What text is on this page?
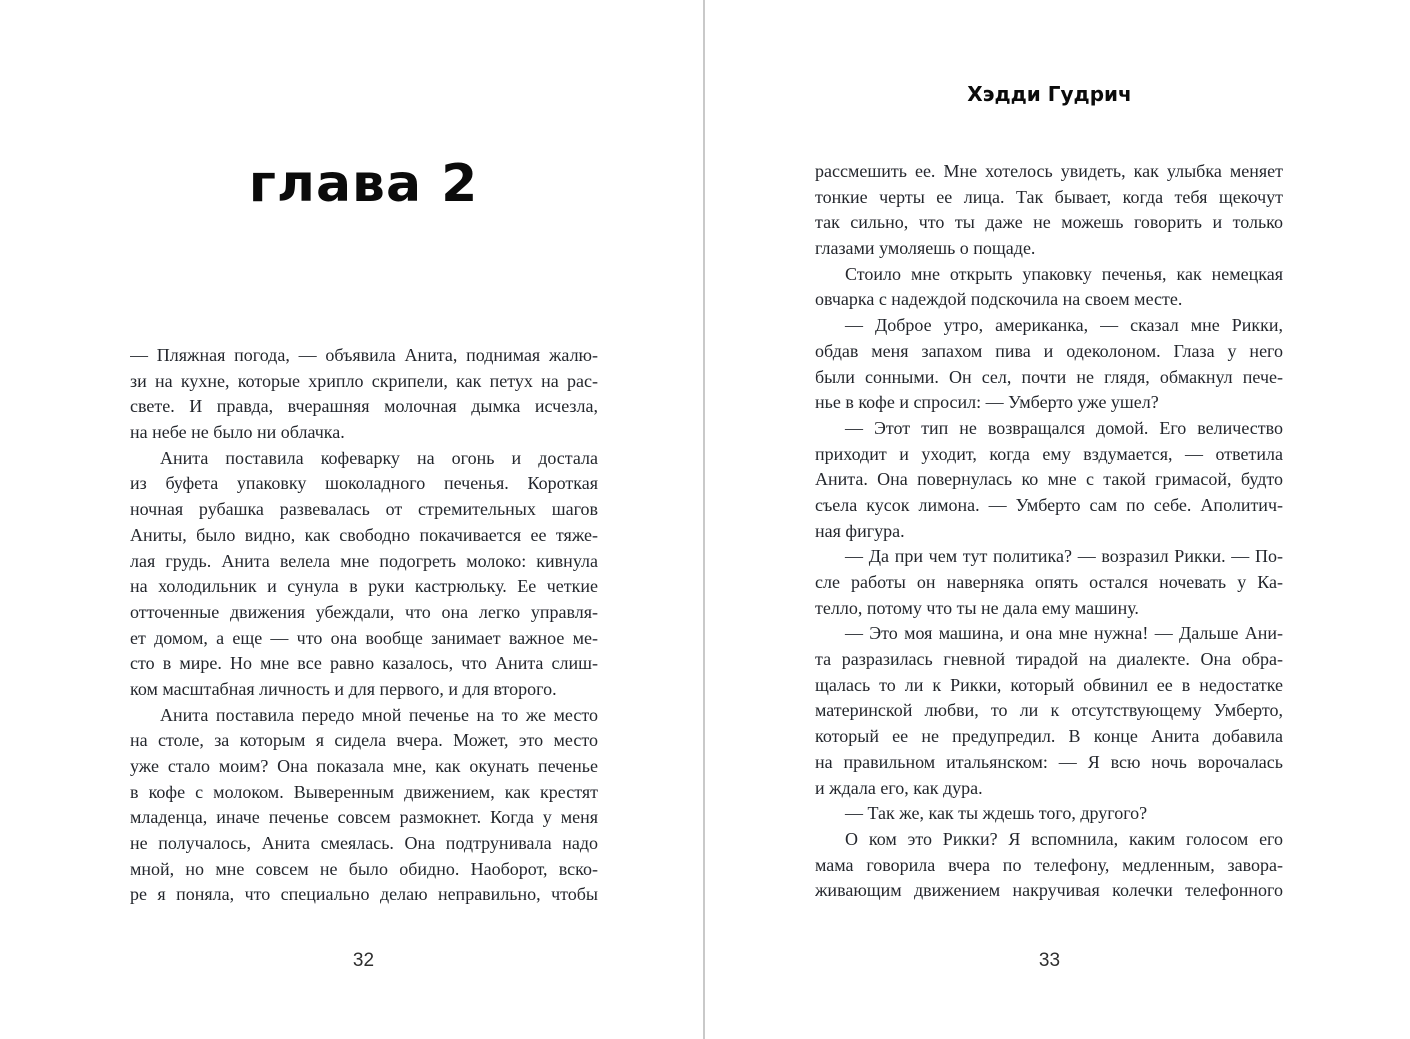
глава 2
— Пляжная погода, — объявила Анита, поднимая жалю-
зи на кухне, которые хрипло скрипели, как петух на рас-
свете. И правда, вчерашняя молочная дымка исчезла,
на небе не было ни облачка.
Анита поставила кофеварку на огонь и достала
из буфета упаковку шоколадного печенья. Короткая
ночная рубашка развевалась от стремительных шагов
Аниты, было видно, как свободно покачивается ее тяже-
лая грудь. Анита велела мне подогреть молоко: кивнула
на холодильник и сунула в руки кастрюльку. Ее четкие
отточенные движения убеждали, что она легко управля-
ет домом, а еще — что она вообще занимает важное ме-
сто в мире. Но мне все равно казалось, что Анита слиш-
ком масштабная личность и для первого, и для второго.
Анита поставила передо мной печенье на то же место
на столе, за которым я сидела вчера. Может, это место
уже стало моим? Она показала мне, как окунать печенье
в кофе с молоком. Выверенным движением, как крестят
младенца, иначе печенье совсем размокнет. Когда у меня
не получалось, Анита смеялась. Она подтрунивала надо
мной, но мне совсем не было обидно. Наоборот, вско-
ре я поняла, что специально делаю неправильно, чтобы
32
Хэдди Гудрич
рассмешить ее. Мне хотелось увидеть, как улыбка меняет
тонкие черты ее лица. Так бывает, когда тебя щекочут
так сильно, что ты даже не можешь говорить и только
глазами умоляешь о пощаде.
Стоило мне открыть упаковку печенья, как немецкая
овчарка с надеждой подскочила на своем месте.
— Доброе утро, американка, — сказал мне Рикки,
обдав меня запахом пива и одеколоном. Глаза у него
были сонными. Он сел, почти не глядя, обмакнул пече-
нье в кофе и спросил: — Умберто уже ушел?
— Этот тип не возвращался домой. Его величество
приходит и уходит, когда ему вздумается, — ответила
Анита. Она повернулась ко мне с такой гримасой, будто
съела кусок лимона. — Умберто сам по себе. Аполитич-
ная фигура.
— Да при чем тут политика? — возразил Рикки. — По-
сле работы он наверняка опять остался ночевать у Ка-
телло, потому что ты не дала ему машину.
— Это моя машина, и она мне нужна! — Дальше Ани-
та разразилась гневной тирадой на диалекте. Она обра-
щалась то ли к Рикки, который обвинил ее в недостатке
материнской любви, то ли к отсутствующему Умберто,
который ее не предупредил. В конце Анита добавила
на правильном итальянском: — Я всю ночь ворочалась
и ждала его, как дура.
— Так же, как ты ждешь того, другого?
О ком это Рикки? Я вспомнила, каким голосом его
мама говорила вчера по телефону, медленным, завора-
живающим движением накручивая колечки телефонного
33
